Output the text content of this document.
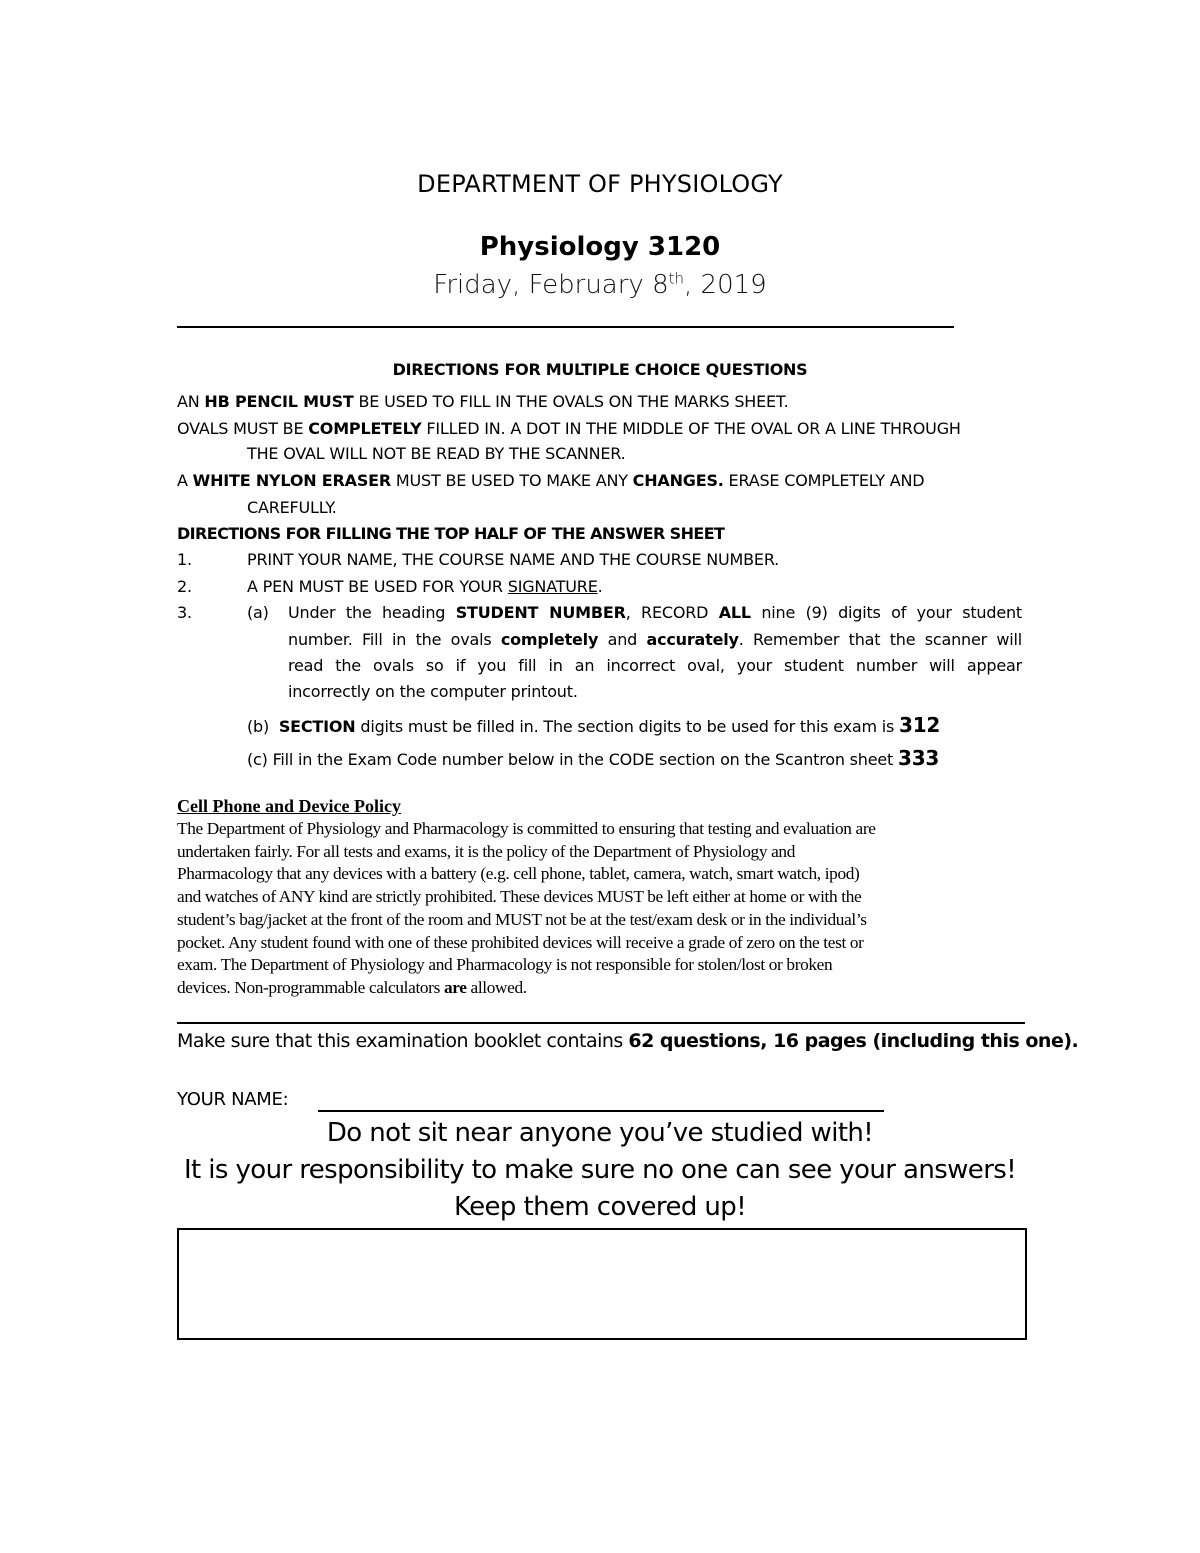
DEPARTMENT OF PHYSIOLOGY
Physiology 3120
Friday, February 8th, 2019
DIRECTIONS FOR MULTIPLE CHOICE QUESTIONS
AN HB PENCIL MUST BE USED TO FILL IN THE OVALS ON THE MARKS SHEET.
OVALS MUST BE COMPLETELY FILLED IN. A DOT IN THE MIDDLE OF THE OVAL OR A LINE THROUGH
THE OVAL WILL NOT BE READ BY THE SCANNER.
A WHITE NYLON ERASER MUST BE USED TO MAKE ANY CHANGES. ERASE COMPLETELY AND
CAREFULLY.
DIRECTIONS FOR FILLING THE TOP HALF OF THE ANSWER SHEET
1.	PRINT YOUR NAME, THE COURSE NAME AND THE COURSE NUMBER.
2.	A PEN MUST BE USED FOR YOUR SIGNATURE.
3.	(a) Under the heading STUDENT NUMBER, RECORD ALL nine (9) digits of your student
number. Fill in the ovals completely and accurately. Remember that the scanner will
read the ovals so if you fill in an incorrect oval, your student number will appear
incorrectly on the computer printout.
(b) SECTION digits must be filled in. The section digits to be used for this exam is 312
(c) Fill in the Exam Code number below in the CODE section on the Scantron sheet 333
Cell Phone and Device Policy
The Department of Physiology and Pharmacology is committed to ensuring that testing and evaluation are
undertaken fairly. For all tests and exams, it is the policy of the Department of Physiology and
Pharmacology that any devices with a battery (e.g. cell phone, tablet, camera, watch, smart watch, ipod)
and watches of ANY kind are strictly prohibited. These devices MUST be left either at home or with the
student’s bag/jacket at the front of the room and MUST not be at the test/exam desk or in the individual’s
pocket. Any student found with one of these prohibited devices will receive a grade of zero on the test or
exam. The Department of Physiology and Pharmacology is not responsible for stolen/lost or broken
devices. Non-programmable calculators are allowed.
Make sure that this examination booklet contains 62 questions, 16 pages (including this one).
YOUR NAME:
Do not sit near anyone you’ve studied with!
It is your responsibility to make sure no one can see your answers!
Keep them covered up!
